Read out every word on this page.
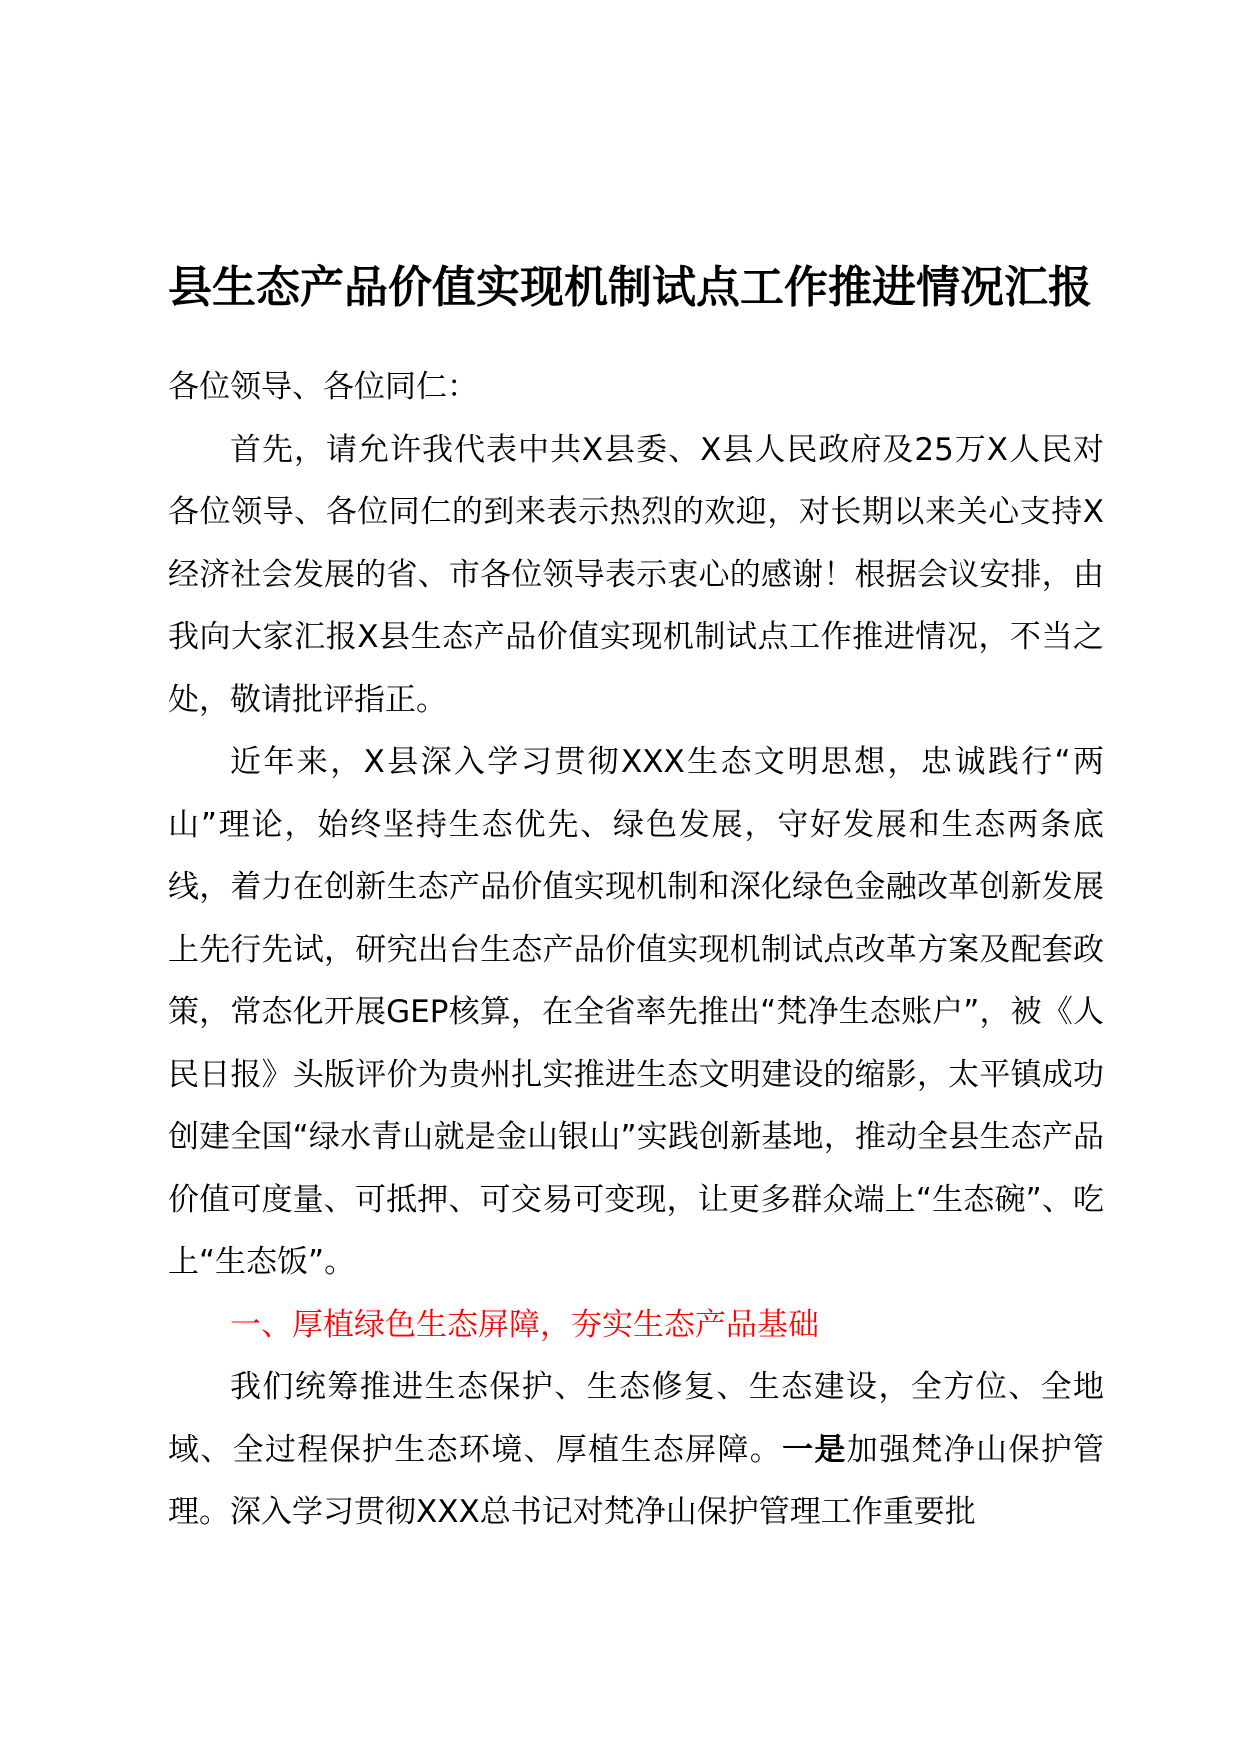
县生态产品价值实现机制试点工作推进情况汇报

各位领导、各位同仁：

首先，请允许我代表中共X县委、X县人民政府及25万X人民对各位领导、各位同仁的到来表示热烈的欢迎，对长期以来关心支持X经济社会发展的省、市各位领导表示衷心的感谢！根据会议安排，由我向大家汇报X县生态产品价值实现机制试点工作推进情况，不当之处，敬请批评指正。

近年来，X县深入学习贯彻XXX生态文明思想，忠诚践行“两山”理论，始终坚持生态优先、绿色发展，守好发展和生态两条底线，着力在创新生态产品价值实现机制和深化绿色金融改革创新发展上先行先试，研究出台生态产品价值实现机制试点改革方案及配套政策，常态化开展GEP核算，在全省率先推出“梵净生态账户”，被《人民日报》头版评价为贵州扎实推进生态文明建设的缩影，太平镇成功创建全国“绿水青山就是金山银山”实践创新基地，推动全县生态产品价值可度量、可抵押、可交易可变现，让更多群众端上“生态碗”、吃上“生态饭”。

一、厚植绿色生态屏障，夯实生态产品基础

我们统筹推进生态保护、生态修复、生态建设，全方位、全地域、全过程保护生态环境、厚植生态屏障。一是加强梵净山保护管理。深入学习贯彻XXX总书记对梵净山保护管理工作重要批
